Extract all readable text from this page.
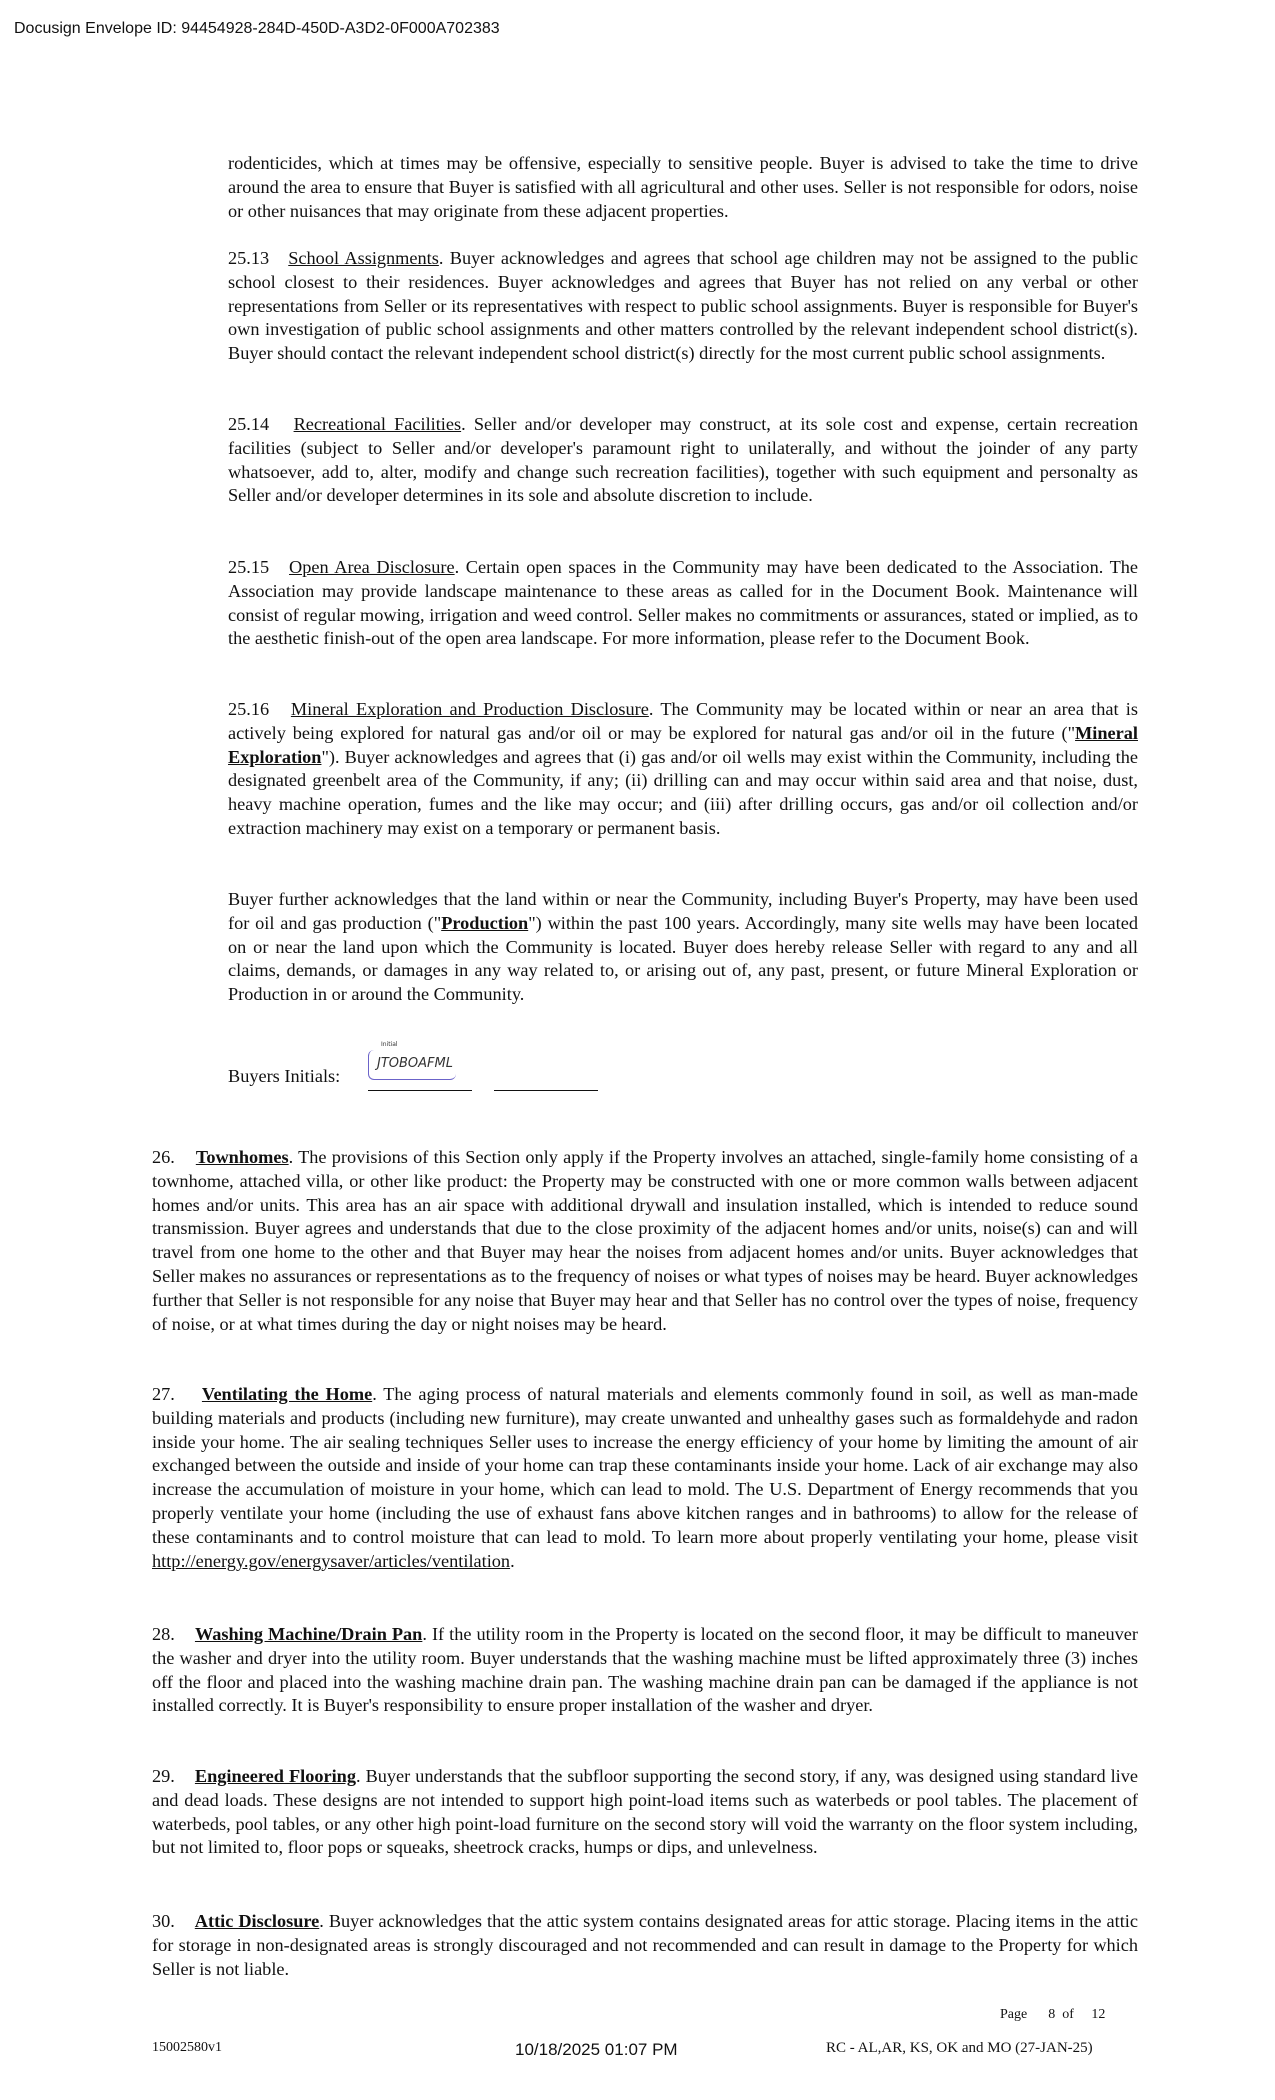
Docusign Envelope ID: 94454928-284D-450D-A3D2-0F000A702383

rodenticides, which at times may be offensive, especially to sensitive people. Buyer is advised to take the time to drive around the area to ensure that Buyer is satisfied with all agricultural and other uses. Seller is not responsible for odors, noise or other nuisances that may originate from these adjacent properties.

25.13 School Assignments. Buyer acknowledges and agrees that school age children may not be assigned to the public school closest to their residences. Buyer acknowledges and agrees that Buyer has not relied on any verbal or other representations from Seller or its representatives with respect to public school assignments. Buyer is responsible for Buyer's own investigation of public school assignments and other matters controlled by the relevant independent school district(s). Buyer should contact the relevant independent school district(s) directly for the most current public school assignments.

25.14 Recreational Facilities. Seller and/or developer may construct, at its sole cost and expense, certain recreation facilities (subject to Seller and/or developer's paramount right to unilaterally, and without the joinder of any party whatsoever, add to, alter, modify and change such recreation facilities), together with such equipment and personalty as Seller and/or developer determines in its sole and absolute discretion to include.

25.15 Open Area Disclosure. Certain open spaces in the Community may have been dedicated to the Association. The Association may provide landscape maintenance to these areas as called for in the Document Book. Maintenance will consist of regular mowing, irrigation and weed control. Seller makes no commitments or assurances, stated or implied, as to the aesthetic finish-out of the open area landscape. For more information, please refer to the Document Book.

25.16 Mineral Exploration and Production Disclosure. The Community may be located within or near an area that is actively being explored for natural gas and/or oil or may be explored for natural gas and/or oil in the future ("Mineral Exploration"). Buyer acknowledges and agrees that (i) gas and/or oil wells may exist within the Community, including the designated greenbelt area of the Community, if any; (ii) drilling can and may occur within said area and that noise, dust, heavy machine operation, fumes and the like may occur; and (iii) after drilling occurs, gas and/or oil collection and/or extraction machinery may exist on a temporary or permanent basis.

Buyer further acknowledges that the land within or near the Community, including Buyer's Property, may have been used for oil and gas production ("Production") within the past 100 years. Accordingly, many site wells may have been located on or near the land upon which the Community is located. Buyer does hereby release Seller with regard to any and all claims, demands, or damages in any way related to, or arising out of, any past, present, or future Mineral Exploration or Production in or around the Community.

Buyers Initials:
Initial
JTOBOAFML

26. Townhomes. The provisions of this Section only apply if the Property involves an attached, single-family home consisting of a townhome, attached villa, or other like product: the Property may be constructed with one or more common walls between adjacent homes and/or units. This area has an air space with additional drywall and insulation installed, which is intended to reduce sound transmission. Buyer agrees and understands that due to the close proximity of the adjacent homes and/or units, noise(s) can and will travel from one home to the other and that Buyer may hear the noises from adjacent homes and/or units. Buyer acknowledges that Seller makes no assurances or representations as to the frequency of noises or what types of noises may be heard. Buyer acknowledges further that Seller is not responsible for any noise that Buyer may hear and that Seller has no control over the types of noise, frequency of noise, or at what times during the day or night noises may be heard.

27. Ventilating the Home. The aging process of natural materials and elements commonly found in soil, as well as man-made building materials and products (including new furniture), may create unwanted and unhealthy gases such as formaldehyde and radon inside your home. The air sealing techniques Seller uses to increase the energy efficiency of your home by limiting the amount of air exchanged between the outside and inside of your home can trap these contaminants inside your home. Lack of air exchange may also increase the accumulation of moisture in your home, which can lead to mold. The U.S. Department of Energy recommends that you properly ventilate your home (including the use of exhaust fans above kitchen ranges and in bathrooms) to allow for the release of these contaminants and to control moisture that can lead to mold. To learn more about properly ventilating your home, please visit http://energy.gov/energysaver/articles/ventilation.

28. Washing Machine/Drain Pan. If the utility room in the Property is located on the second floor, it may be difficult to maneuver the washer and dryer into the utility room. Buyer understands that the washing machine must be lifted approximately three (3) inches off the floor and placed into the washing machine drain pan. The washing machine drain pan can be damaged if the appliance is not installed correctly. It is Buyer's responsibility to ensure proper installation of the washer and dryer.

29. Engineered Flooring. Buyer understands that the subfloor supporting the second story, if any, was designed using standard live and dead loads. These designs are not intended to support high point-load items such as waterbeds or pool tables. The placement of waterbeds, pool tables, or any other high point-load furniture on the second story will void the warranty on the floor system including, but not limited to, floor pops or squeaks, sheetrock cracks, humps or dips, and unlevelness.

30. Attic Disclosure. Buyer acknowledges that the attic system contains designated areas for attic storage. Placing items in the attic for storage in non-designated areas is strongly discouraged and not recommended and can result in damage to the Property for which Seller is not liable.

Page 8 of 12
15002580v1	10/18/2025 01:07 PM	RC - AL,AR, KS, OK and MO (27-JAN-25)
